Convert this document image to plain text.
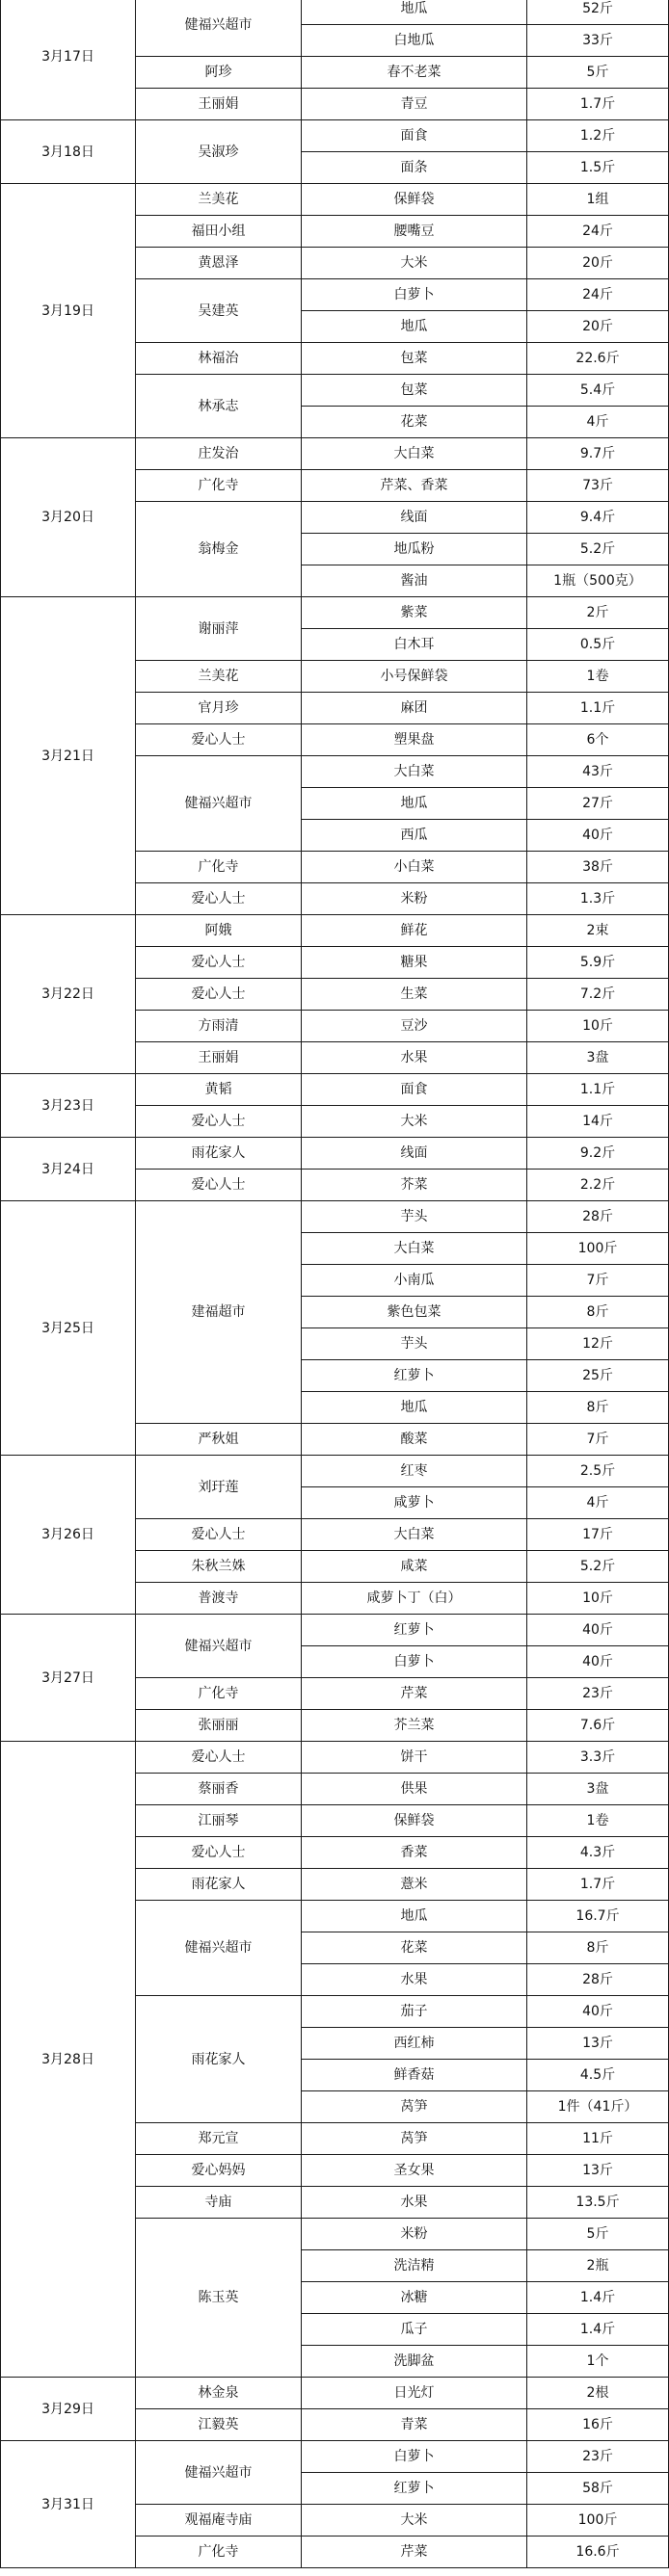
3月17日	健福兴超市	地瓜	52斤
		白地瓜	33斤
	阿珍	春不老菜	5斤
	王丽娟	青豆	1.7斤
3月18日	吴淑珍	面食	1.2斤
		面条	1.5斤
3月19日	兰美花	保鲜袋	1组
	福田小组	腰嘴豆	24斤
	黄恩泽	大米	20斤
	吴建英	白萝卜	24斤
		地瓜	20斤
	林福治	包菜	22.6斤
	林承志	包菜	5.4斤
		花菜	4斤
3月20日	庄发治	大白菜	9.7斤
	广化寺	芹菜、香菜	73斤
	翁梅金	线面	9.4斤
		地瓜粉	5.2斤
		酱油	1瓶（500克）
3月21日	谢丽萍	紫菜	2斤
		白木耳	0.5斤
	兰美花	小号保鲜袋	1卷
	官月珍	麻团	1.1斤
	爱心人士	塑果盘	6个
	健福兴超市	大白菜	43斤
		地瓜	27斤
		西瓜	40斤
	广化寺	小白菜	38斤
	爱心人士	米粉	1.3斤
3月22日	阿娥	鲜花	2束
	爱心人士	糖果	5.9斤
	爱心人士	生菜	7.2斤
	方雨清	豆沙	10斤
	王丽娟	水果	3盘
3月23日	黄韬	面食	1.1斤
	爱心人士	大米	14斤
3月24日	雨花家人	线面	9.2斤
	爱心人士	芥菜	2.2斤
3月25日	建福超市	芋头	28斤
		大白菜	100斤
		小南瓜	7斤
		紫色包菜	8斤
		芋头	12斤
		红萝卜	25斤
		地瓜	8斤
	严秋姐	酸菜	7斤
3月26日	刘玗莲	红枣	2.5斤
		咸萝卜	4斤
	爱心人士	大白菜	17斤
	朱秋兰姝	咸菜	5.2斤
	普渡寺	咸萝卜丁（白）	10斤
3月27日	健福兴超市	红萝卜	40斤
		白萝卜	40斤
	广化寺	芹菜	23斤
	张丽丽	芥兰菜	7.6斤
3月28日	爱心人士	饼干	3.3斤
	蔡丽香	供果	3盘
	江丽琴	保鲜袋	1卷
	爱心人士	香菜	4.3斤
	雨花家人	薏米	1.7斤
	健福兴超市	地瓜	16.7斤
		花菜	8斤
		水果	28斤
	雨花家人	茄子	40斤
		西红柿	13斤
		鲜香菇	4.5斤
		莴笋	1件（41斤）
	郑元宣	莴笋	11斤
	爱心妈妈	圣女果	13斤
	寺庙	水果	13.5斤
	陈玉英	米粉	5斤
		洗洁精	2瓶
		冰糖	1.4斤
		瓜子	1.4斤
		洗脚盆	1个
3月29日	林金泉	日光灯	2根
	江毅英	青菜	16斤
3月31日	健福兴超市	白萝卜	23斤
		红萝卜	58斤
	观福庵寺庙	大米	100斤
	广化寺	芹菜	16.6斤
